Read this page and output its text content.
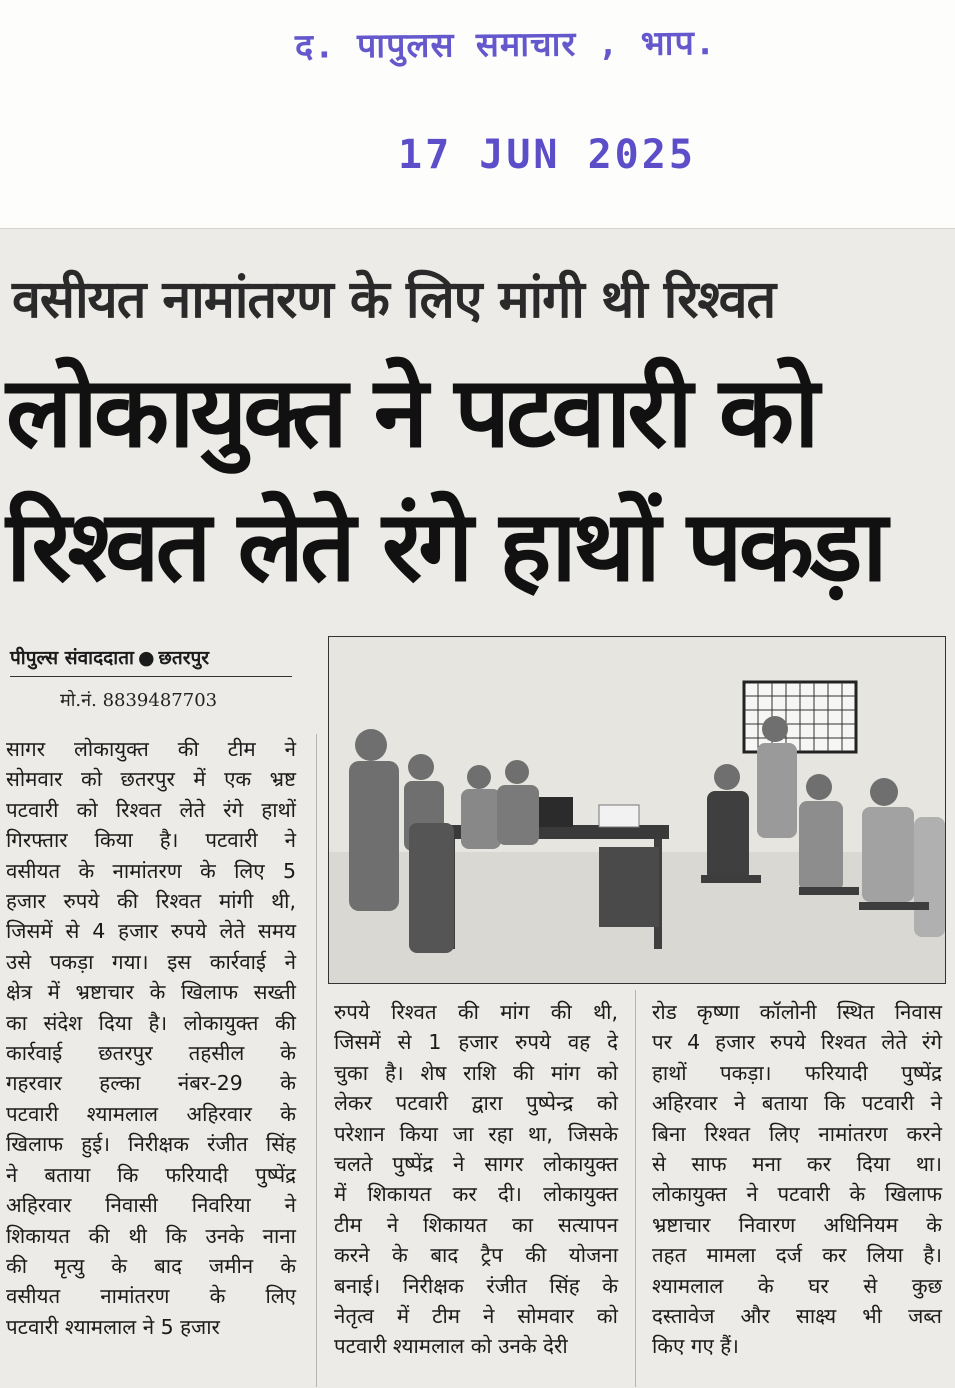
द. पापुलस समाचार , भाप.
17 JUN 2025
वसीयत नामांतरण के लिए मांगी थी रिश्वत
लोकायुक्त ने पटवारी को
रिश्वत लेते रंगे हाथों पकड़ा
पीपुल्स संवाददाता ● छतरपुर
मो.नं. 8839487703
सागर लोकायुक्त की टीम ने
सोमवार को छतरपुर में एक भ्रष्ट
पटवारी को रिश्वत लेते रंगे हाथों
गिरफ्तार किया है। पटवारी ने
वसीयत के नामांतरण के लिए 5
हजार रुपये की रिश्वत मांगी थी,
जिसमें से 4 हजार रुपये लेते समय
उसे पकड़ा गया। इस कार्रवाई ने
क्षेत्र में भ्रष्टाचार के खिलाफ सख्ती
का संदेश दिया है। लोकायुक्त की
कार्रवाई छतरपुर तहसील के
गहरवार हल्का नंबर-29 के
पटवारी श्यामलाल अहिरवार के
खिलाफ हुई। निरीक्षक रंजीत सिंह
ने बताया कि फरियादी पुष्पेंद्र
अहिरवार निवासी निवरिया ने
शिकायत की थी कि उनके नाना
की मृत्यु के बाद जमीन के
वसीयत नामांतरण के लिए
पटवारी श्यामलाल ने 5 हजार
रुपये रिश्वत की मांग की थी,
जिसमें से 1 हजार रुपये वह दे
चुका है। शेष राशि की मांग को
लेकर पटवारी द्वारा पुष्पेन्द्र को
परेशान किया जा रहा था, जिसके
चलते पुष्पेंद्र ने सागर लोकायुक्त
में शिकायत कर दी। लोकायुक्त
टीम ने शिकायत का सत्यापन
करने के बाद ट्रैप की योजना
बनाई। निरीक्षक रंजीत सिंह के
नेतृत्व में टीम ने सोमवार को
पटवारी श्यामलाल को उनके देरी
रोड कृष्णा कॉलोनी स्थित निवास
पर 4 हजार रुपये रिश्वत लेते रंगे
हाथों पकड़ा। फरियादी पुष्पेंद्र
अहिरवार ने बताया कि पटवारी ने
बिना रिश्वत लिए नामांतरण करने
से साफ मना कर दिया था।
लोकायुक्त ने पटवारी के खिलाफ
भ्रष्टाचार निवारण अधिनियम के
तहत मामला दर्ज कर लिया है।
श्यामलाल के घर से कुछ
दस्तावेज और साक्ष्य भी जब्त
किए गए हैं।
